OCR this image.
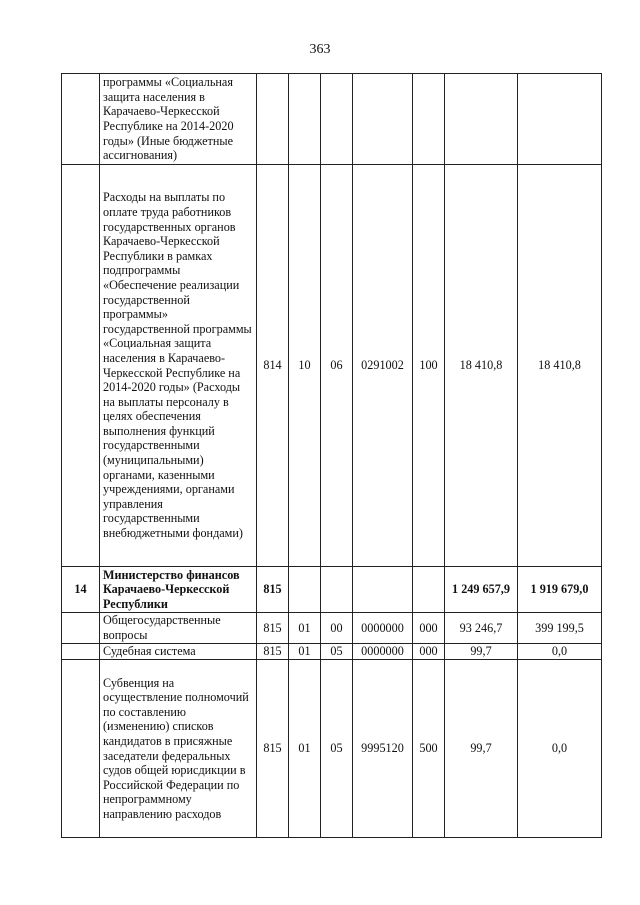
363
	программы «Социальная защита населения в Карачаево-Черкесской Республике на 2014-2020 годы» (Иные бюджетные ассигнования)							
	Расходы на выплаты по оплате труда работников государственных органов Карачаево-Черкесской Республики в рамках подпрограммы «Обеспечение реализации государственной программы» государственной программы «Социальная защита населения в Карачаево-Черкесской Республике на 2014-2020 годы» (Расходы на выплаты персоналу в целях обеспечения выполнения функций государственными (муниципальными) органами, казенными учреждениями, органами управления государственными внебюджетными фондами)	814	10	06	0291002	100	18 410,8	18 410,8
14	Министерство финансов Карачаево-Черкесской Республики	815					1 249 657,9	1 919 679,0
	Общегосударственные вопросы	815	01	00	0000000	000	93 246,7	399 199,5
	Судебная система	815	01	05	0000000	000	99,7	0,0
	Субвенция на осуществление полномочий по составлению (изменению) списков кандидатов в присяжные заседатели федеральных судов общей юрисдикции в Российской Федерации по непрограммному направлению расходов	815	01	05	9995120	500	99,7	0,0
